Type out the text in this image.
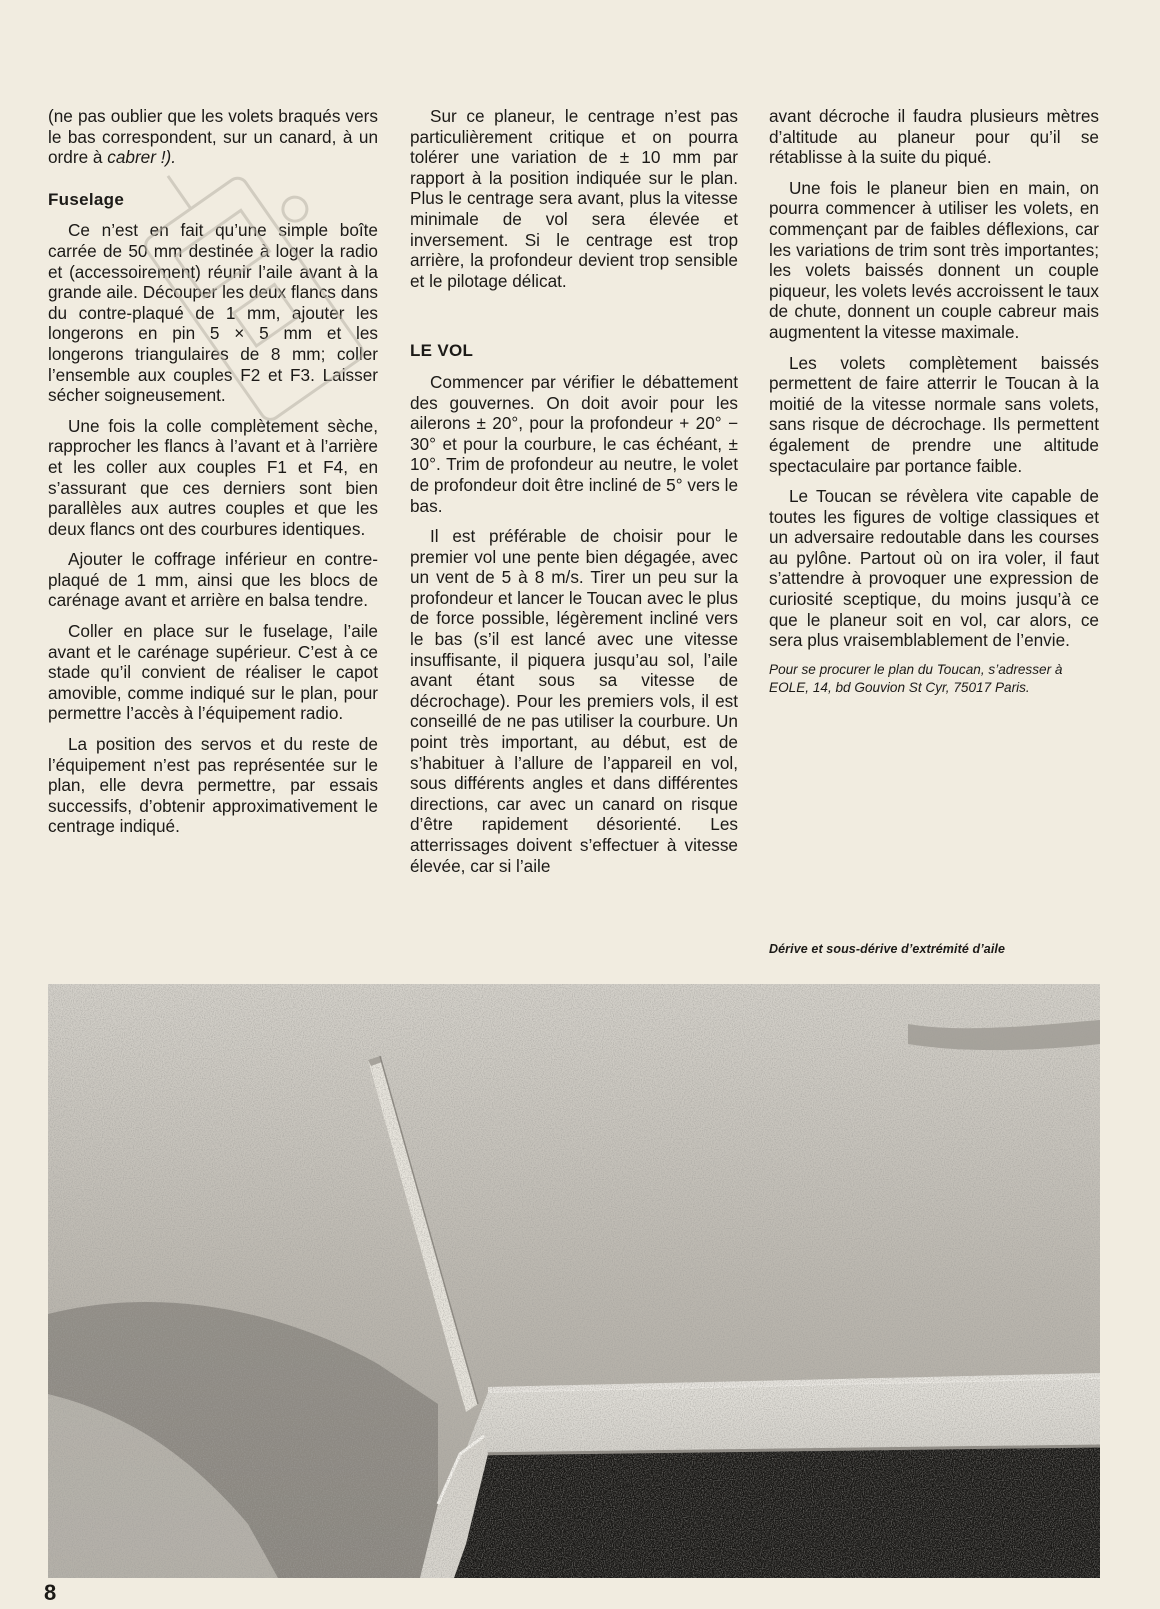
(ne pas oublier que les volets braqués vers le bas correspondent, sur un canard, à un ordre à cabrer !).

Fuselage

Ce n’est en fait qu’une simple boîte carrée de 50 mm destinée à loger la radio et (accessoirement) réunir l’aile avant à la grande aile. Découper les deux flancs dans du contre-plaqué de 1 mm, ajouter les longerons en pin 5 × 5 mm et les longerons triangulaires de 8 mm; coller l’ensemble aux couples F2 et F3. Laisser sécher soigneusement.

Une fois la colle complètement sèche, rapprocher les flancs à l’avant et à l’arrière et les coller aux couples F1 et F4, en s’assurant que ces derniers sont bien parallèles aux autres couples et que les deux flancs ont des courbures identiques.

Ajouter le coffrage inférieur en contre-plaqué de 1 mm, ainsi que les blocs de carénage avant et arrière en balsa tendre.

Coller en place sur le fuselage, l’aile avant et le carénage supérieur. C’est à ce stade qu’il convient de réaliser le capot amovible, comme indiqué sur le plan, pour permettre l’accès à l’équipement radio.

La position des servos et du reste de l’équipement n’est pas représentée sur le plan, elle devra permettre, par essais successifs, d’obtenir approximativement le centrage indiqué.

Sur ce planeur, le centrage n’est pas particulièrement critique et on pourra tolérer une variation de ± 10 mm par rapport à la position indiquée sur le plan. Plus le centrage sera avant, plus la vitesse minimale de vol sera élevée et inversement. Si le centrage est trop arrière, la profondeur devient trop sensible et le pilotage délicat.

LE VOL

Commencer par vérifier le débattement des gouvernes. On doit avoir pour les ailerons ± 20°, pour la profondeur + 20° − 30° et pour la courbure, le cas échéant, ± 10°. Trim de profondeur au neutre, le volet de profondeur doit être incliné de 5° vers le bas.

Il est préférable de choisir pour le premier vol une pente bien dégagée, avec un vent de 5 à 8 m/s. Tirer un peu sur la profondeur et lancer le Toucan avec le plus de force possible, légèrement incliné vers le bas (s’il est lancé avec une vitesse insuffisante, il piquera jusqu’au sol, l’aile avant étant sous sa vitesse de décrochage). Pour les premiers vols, il est conseillé de ne pas utiliser la courbure. Un point très important, au début, est de s’habituer à l’allure de l’appareil en vol, sous différents angles et dans différentes directions, car avec un canard on risque d’être rapidement désorienté. Les atterrissages doivent s’effectuer à vitesse élevée, car si l’aile

avant décroche il faudra plusieurs mètres d’altitude au planeur pour qu’il se rétablisse à la suite du piqué.

Une fois le planeur bien en main, on pourra commencer à utiliser les volets, en commençant par de faibles déflexions, car les variations de trim sont très importantes; les volets baissés donnent un couple piqueur, les volets levés accroissent le taux de chute, donnent un couple cabreur mais augmentent la vitesse maximale.

Les volets complètement baissés permettent de faire atterrir le Toucan à la moitié de la vitesse normale sans volets, sans risque de décrochage. Ils permettent également de prendre une altitude spectaculaire par portance faible.

Le Toucan se révèlera vite capable de toutes les figures de voltige classiques et un adversaire redoutable dans les courses au pylône. Partout où on ira voler, il faut s’attendre à provoquer une expression de curiosité sceptique, du moins jusqu’à ce que le planeur soit en vol, car alors, ce sera plus vraisemblablement de l’envie.

Pour se procurer le plan du Toucan, s’adresser à EOLE, 14, bd Gouvion St Cyr, 75017 Paris.

Dérive et sous-dérive d’extrémité d’aile
8
